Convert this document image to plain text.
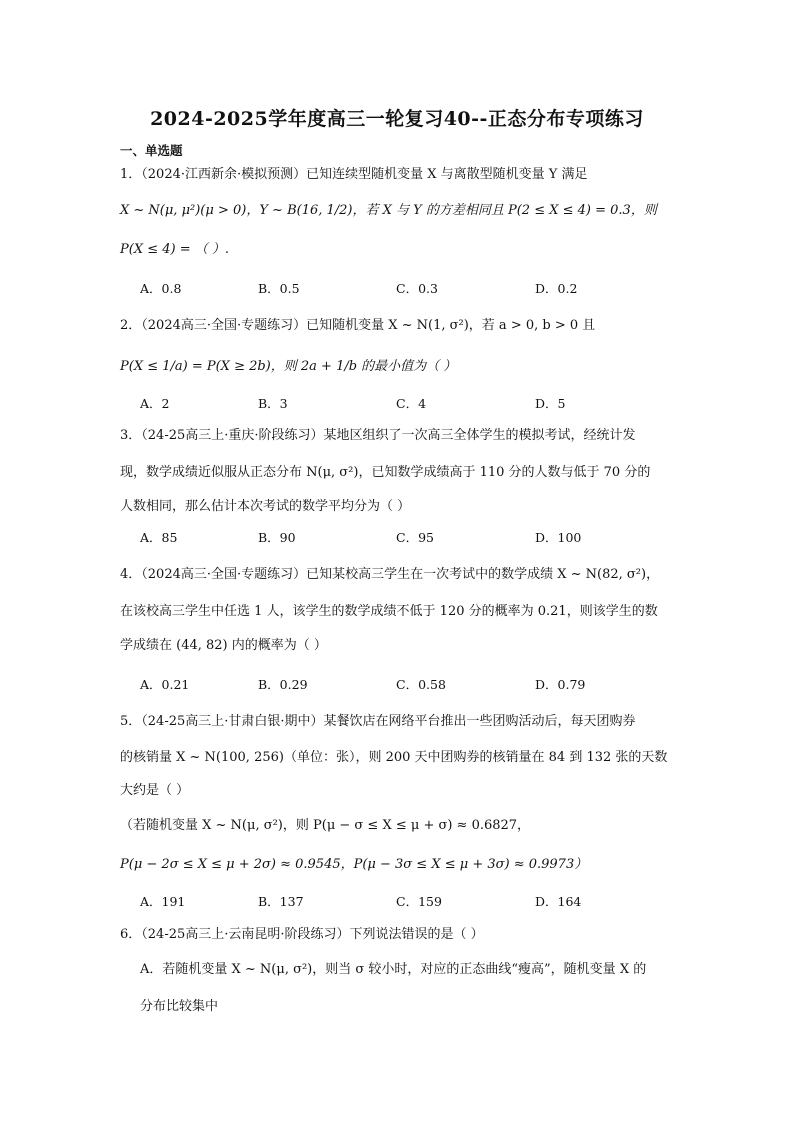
2024-2025学年度高三一轮复习40--正态分布专项练习
一、单选题
1．（2024·江西新余·模拟预测）已知连续型随机变量 X 与离散型随机变量 Y 满足
X ~ N(μ, μ²)(μ > 0)，Y ~ B(16, 1/2)，若 X 与 Y 的方差相同且 P(2 ≤ X ≤ 4) = 0.3，则
P(X ≤ 4) = （ ）.
A．0.8	B．0.5	C．0.3	D．0.2
2．（2024高三·全国·专题练习）已知随机变量 X ~ N(1, σ²)，若 a > 0, b > 0 且
P(X ≤ 1/a) = P(X ≥ 2b)，则 2a + 1/b 的最小值为（ ）
A．2	B．3	C．4	D．5
3．（24-25高三上·重庆·阶段练习）某地区组织了一次高三全体学生的模拟考试，经统计发
现，数学成绩近似服从正态分布 N(μ, σ²)，已知数学成绩高于 110 分的人数与低于 70 分的
人数相同，那么估计本次考试的数学平均分为（ ）
A．85	B．90	C．95	D．100
4．（2024高三·全国·专题练习）已知某校高三学生在一次考试中的数学成绩 X ~ N(82, σ²)，
在该校高三学生中任选 1 人，该学生的数学成绩不低于 120 分的概率为 0.21，则该学生的数
学成绩在 (44, 82) 内的概率为（ ）
A．0.21	B．0.29	C．0.58	D．0.79
5．（24-25高三上·甘肃白银·期中）某餐饮店在网络平台推出一些团购活动后，每天团购券
的核销量 X ~ N(100, 256)（单位：张），则 200 天中团购券的核销量在 84 到 132 张的天数
大约是（ ）
（若随机变量 X ~ N(μ, σ²)，则 P(μ − σ ≤ X ≤ μ + σ) ≈ 0.6827，
P(μ − 2σ ≤ X ≤ μ + 2σ) ≈ 0.9545，P(μ − 3σ ≤ X ≤ μ + 3σ) ≈ 0.9973）
A．191	B．137	C．159	D．164
6．（24-25高三上·云南昆明·阶段练习）下列说法错误的是（ ）
A．若随机变量 X ~ N(μ, σ²)，则当 σ 较小时，对应的正态曲线“瘦高”，随机变量 X 的
分布比较集中
